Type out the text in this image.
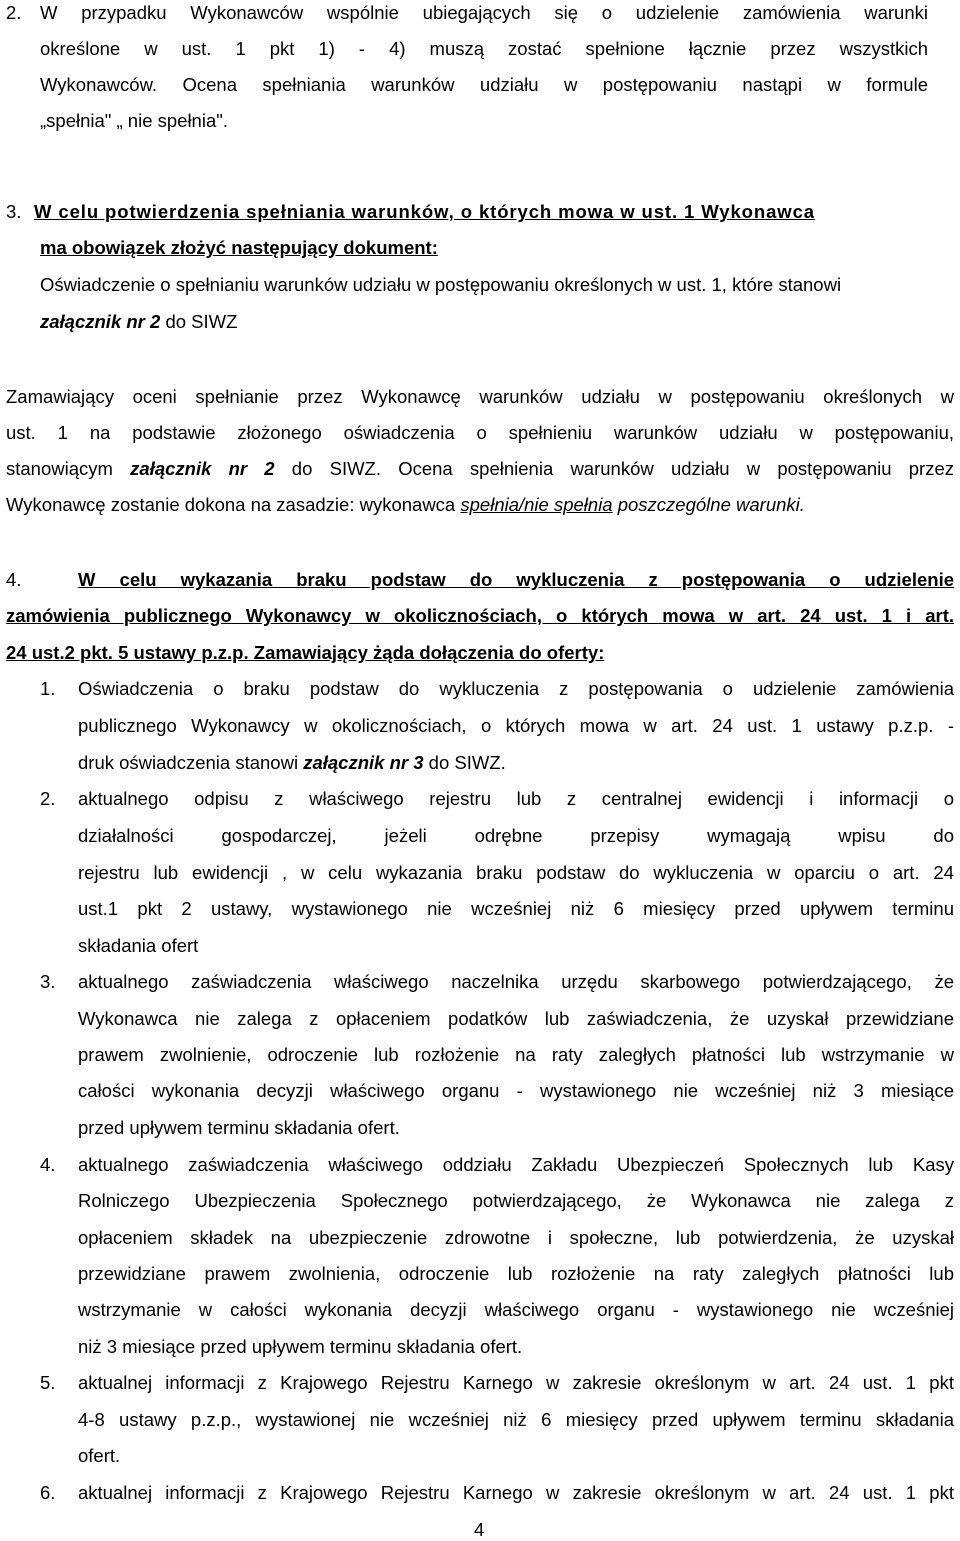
2. W przypadku Wykonawców wspólnie ubiegających się o udzielenie zamówienia warunki
określone w ust. 1 pkt 1) - 4) muszą zostać spełnione łącznie przez wszystkich
Wykonawców. Ocena spełniania warunków udziału w postępowaniu nastąpi w formule
„spełnia" „ nie spełnia".
3. W celu potwierdzenia spełniania warunków, o których mowa w ust. 1 Wykonawca
ma obowiązek złożyć następujący dokument:
Oświadczenie o spełnianiu warunków udziału w postępowaniu określonych w ust. 1, które stanowi
załącznik nr 2 do SIWZ
Zamawiający oceni spełnianie przez Wykonawcę warunków udziału w postępowaniu określonych w
ust. 1 na podstawie złożonego oświadczenia o spełnieniu warunków udziału w postępowaniu,
stanowiącym załącznik nr 2 do SIWZ. Ocena spełnienia warunków udziału w postępowaniu przez
Wykonawcę zostanie dokona na zasadzie: wykonawca spełnia/nie spełnia poszczególne warunki.
4.	W celu wykazania braku podstaw do wykluczenia z postępowania o udzielenie
zamówienia publicznego Wykonawcy w okolicznościach, o których mowa w art. 24 ust. 1 i art.
24 ust.2 pkt. 5 ustawy p.z.p. Zamawiający żąda dołączenia do oferty:
1. Oświadczenia o braku podstaw do wykluczenia z postępowania o udzielenie zamówienia
publicznego Wykonawcy w okolicznościach, o których mowa w art. 24 ust. 1 ustawy p.z.p. -
druk oświadczenia stanowi załącznik nr 3 do SIWZ.
2. aktualnego odpisu z właściwego rejestru lub z centralnej ewidencji i informacji o
działalności gospodarczej, jeżeli odrębne przepisy wymagają wpisu do
rejestru lub ewidencji , w celu wykazania braku podstaw do wykluczenia w oparciu o art. 24
ust.1 pkt 2 ustawy, wystawionego nie wcześniej niż 6 miesięcy przed upływem terminu
składania ofert
3. aktualnego zaświadczenia właściwego naczelnika urzędu skarbowego potwierdzającego, że
Wykonawca nie zalega z opłaceniem podatków lub zaświadczenia, że uzyskał przewidziane
prawem zwolnienie, odroczenie lub rozłożenie na raty zaległych płatności lub wstrzymanie w
całości wykonania decyzji właściwego organu - wystawionego nie wcześniej niż 3 miesiące
przed upływem terminu składania ofert.
4. aktualnego zaświadczenia właściwego oddziału Zakładu Ubezpieczeń Społecznych lub Kasy
Rolniczego Ubezpieczenia Społecznego potwierdzającego, że Wykonawca nie zalega z
opłaceniem składek na ubezpieczenie zdrowotne i społeczne, lub potwierdzenia, że uzyskał
przewidziane prawem zwolnienia, odroczenie lub rozłożenie na raty zaległych płatności lub
wstrzymanie w całości wykonania decyzji właściwego organu - wystawionego nie wcześniej
niż 3 miesiące przed upływem terminu składania ofert.
5. aktualnej informacji z Krajowego Rejestru Karnego w zakresie określonym w art. 24 ust. 1 pkt
4-8 ustawy p.z.p., wystawionej nie wcześniej niż 6 miesięcy przed upływem terminu składania
ofert.
6. aktualnej informacji z Krajowego Rejestru Karnego w zakresie określonym w art. 24 ust. 1 pkt
4
